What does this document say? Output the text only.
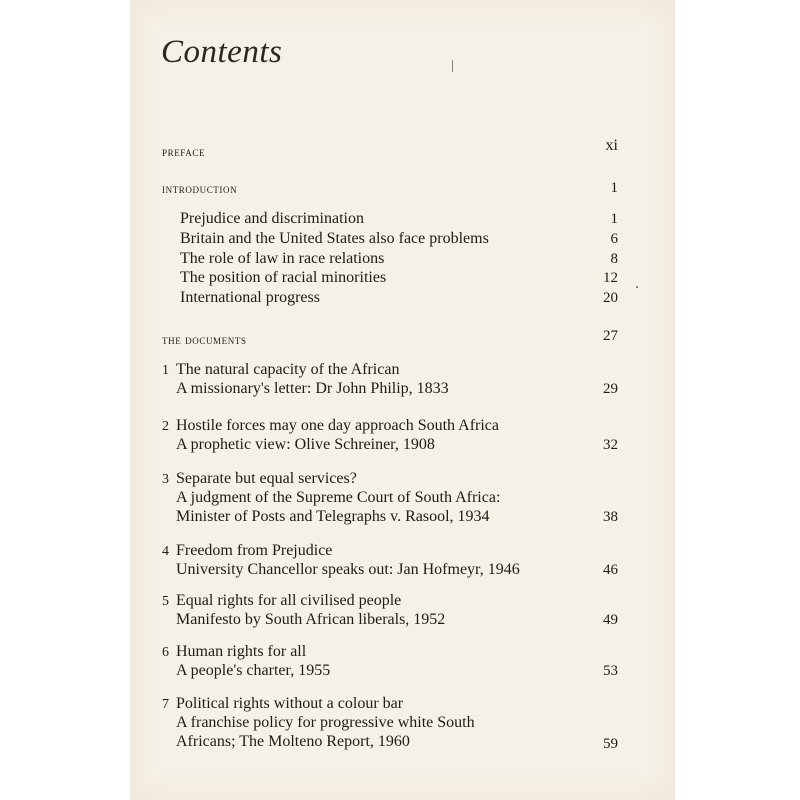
Contents
preface	xi
introduction	1
Prejudice and discrimination	1
Britain and the United States also face problems	6
The role of law in race relations	8
The position of racial minorities	12
International progress	20
the documents	27
1 The natural capacity of the African
A missionary's letter: Dr John Philip, 1833	29
2 Hostile forces may one day approach South Africa
A prophetic view: Olive Schreiner, 1908	32
3 Separate but equal services?
A judgment of the Supreme Court of South Africa:
Minister of Posts and Telegraphs v. Rasool, 1934	38
4 Freedom from Prejudice
University Chancellor speaks out: Jan Hofmeyr, 1946	46
5 Equal rights for all civilised people
Manifesto by South African liberals, 1952	49
6 Human rights for all
A people's charter, 1955	53
7 Political rights without a colour bar
A franchise policy for progressive white South
Africans; The Molteno Report, 1960	59
